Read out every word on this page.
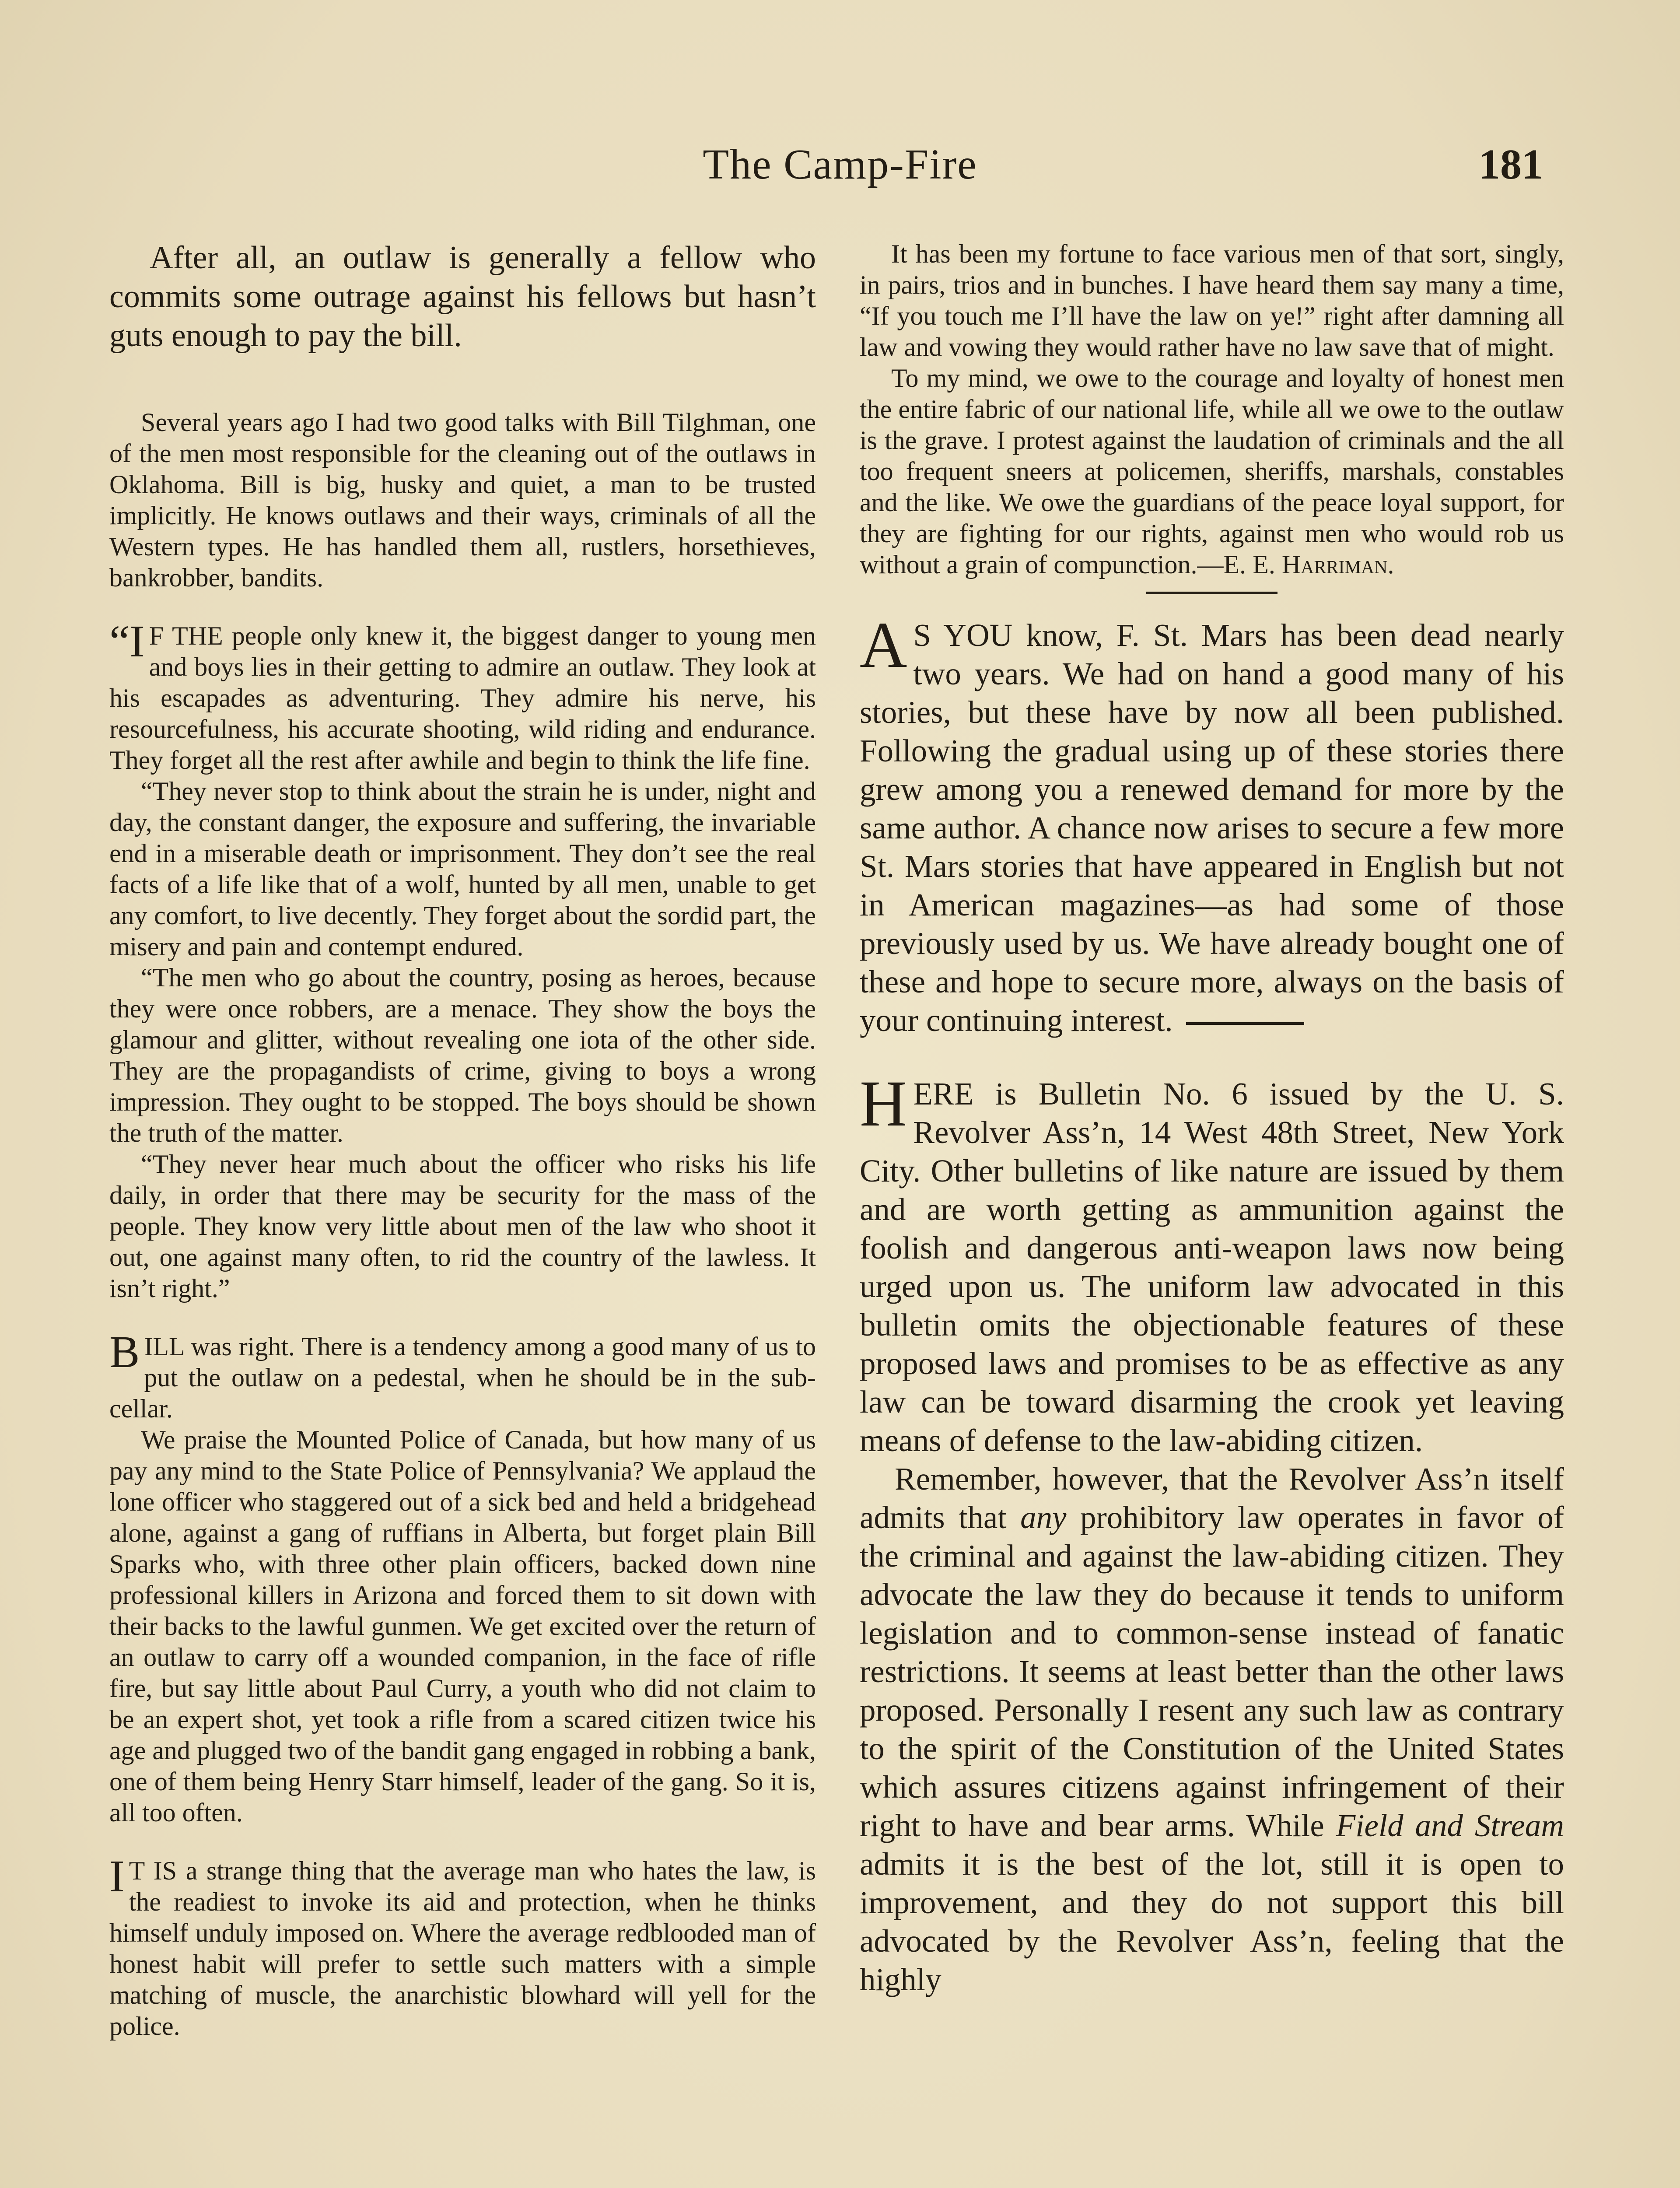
The Camp-Fire	181

After all, an outlaw is generally a fellow who commits some outrage against his fellows but hasn’t guts enough to pay the bill.

Several years ago I had two good talks with Bill Tilghman, one of the men most responsible for the cleaning out of the outlaws in Oklahoma. Bill is big, husky and quiet, a man to be trusted implicitly. He knows outlaws and their ways, criminals of all the Western types. He has handled them all, rustlers, horsethieves, bankrobber, bandits.

“I F THE people only knew it, the biggest danger to young men and boys lies in their getting to admire an outlaw. They look at his escapades as adventuring. They admire his nerve, his resourcefulness, his accurate shooting, wild riding and endurance. They forget all the rest after awhile and begin to think the life fine.

“They never stop to think about the strain he is under, night and day, the constant danger, the exposure and suffering, the invariable end in a miserable death or imprisonment. They don’t see the real facts of a life like that of a wolf, hunted by all men, unable to get any comfort, to live decently. They forget about the sordid part, the misery and pain and contempt endured.

“The men who go about the country, posing as heroes, because they were once robbers, are a menace. They show the boys the glamour and glitter, without revealing one iota of the other side. They are the propagandists of crime, giving to boys a wrong impression. They ought to be stopped. The boys should be shown the truth of the matter.

“They never hear much about the officer who risks his life daily, in order that there may be security for the mass of the people. They know very little about men of the law who shoot it out, one against many often, to rid the country of the lawless. It isn’t right.”

BILL was right. There is a tendency among a good many of us to put the outlaw on a pedestal, when he should be in the sub-cellar.

We praise the Mounted Police of Canada, but how many of us pay any mind to the State Police of Pennsylvania? We applaud the lone officer who staggered out of a sick bed and held a bridgehead alone, against a gang of ruffians in Alberta, but forget plain Bill Sparks who, with three other plain officers, backed down nine professional killers in Arizona and forced them to sit down with their backs to the lawful gunmen. We get excited over the return of an outlaw to carry off a wounded companion, in the face of rifle fire, but say little about Paul Curry, a youth who did not claim to be an expert shot, yet took a rifle from a scared citizen twice his age and plugged two of the bandit gang engaged in robbing a bank, one of them being Henry Starr himself, leader of the gang. So it is, all too often.

I T IS a strange thing that the average man who hates the law, is the readiest to invoke its aid and protection, when he thinks himself unduly imposed on. Where the average redblooded man of honest habit will prefer to settle such matters with a simple matching of muscle, the anarchistic blowhard will yell for the police.

It has been my fortune to face various men of that sort, singly, in pairs, trios and in bunches. I have heard them say many a time, “If you touch me I’ll have the law on ye!” right after damning all law and vowing they would rather have no law save that of might.

To my mind, we owe to the courage and loyalty of honest men the entire fabric of our national life, while all we owe to the outlaw is the grave. I protest against the laudation of criminals and the all too frequent sneers at policemen, sheriffs, marshals, constables and the like. We owe the guardians of the peace loyal support, for they are fighting for our rights, against men who would rob us without a grain of compunction.—E. E. Harriman.

A S YOU know, F. St. Mars has been dead nearly two years. We had on hand a good many of his stories, but these have by now all been published. Following the gradual using up of these stories there grew among you a renewed demand for more by the same author. A chance now arises to secure a few more St. Mars stories that have appeared in English but not in American magazines—as had some of those previously used by us. We have already bought one of these and hope to secure more, always on the basis of your continuing interest.

HERE is Bulletin No. 6 issued by the U. S. Revolver Ass’n, 14 West 48th Street, New York City. Other bulletins of like nature are issued by them and are worth getting as ammunition against the foolish and dangerous anti-weapon laws now being urged upon us. The uniform law advocated in this bulletin omits the objectionable features of these proposed laws and promises to be as effective as any law can be toward disarming the crook yet leaving means of defense to the law-abiding citizen.

Remember, however, that the Revolver Ass’n itself admits that any prohibitory law operates in favor of the criminal and against the law-abiding citizen. They advocate the law they do because it tends to uniform legislation and to common-sense instead of fanatic restrictions. It seems at least better than the other laws proposed. Personally I resent any such law as contrary to the spirit of the Constitution of the United States which assures citizens against infringement of their right to have and bear arms. While Field and Stream admits it is the best of the lot, still it is open to improvement, and they do not support this bill advocated by the Revolver Ass’n, feeling that the highly
